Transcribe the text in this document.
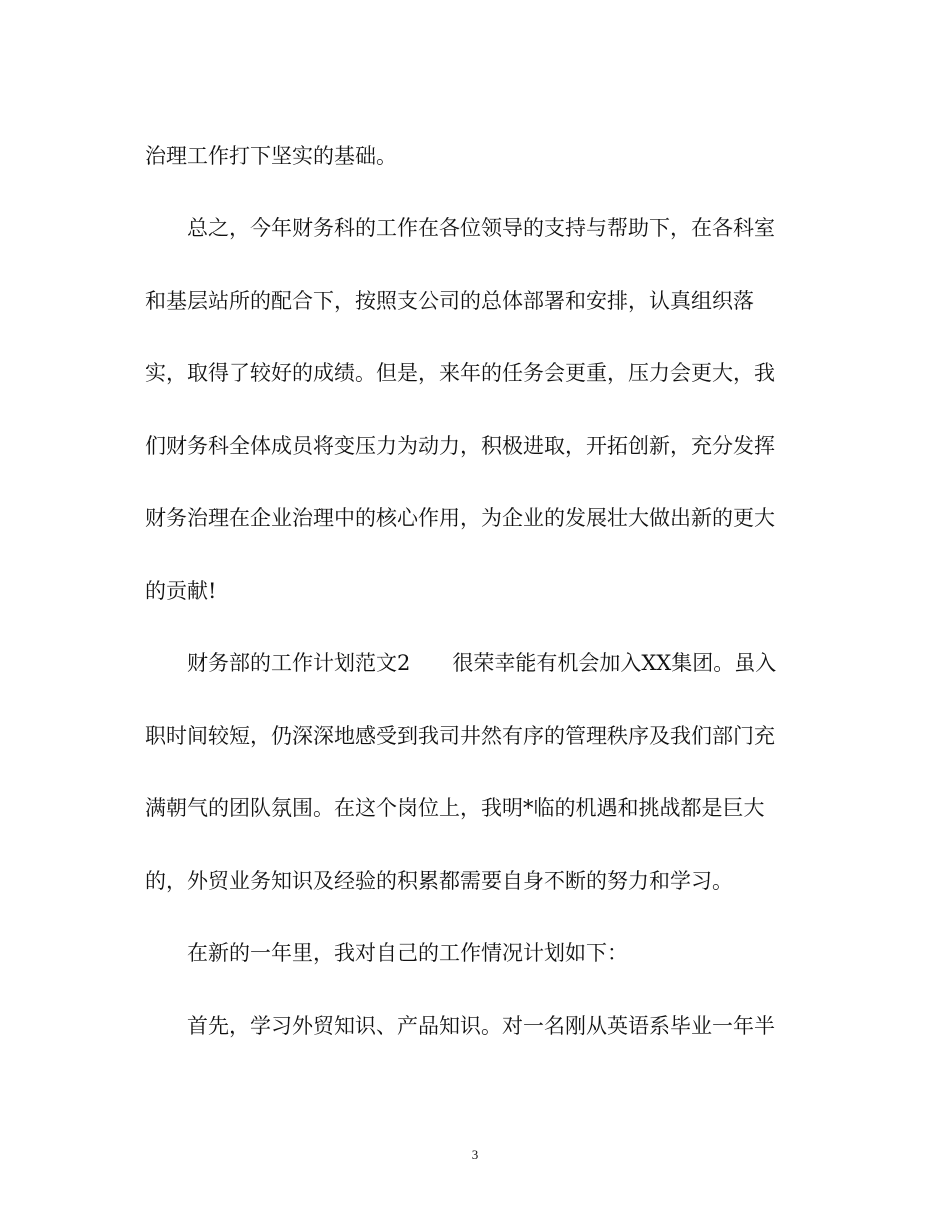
治理工作打下坚实的基础。

总之，今年财务科的工作在各位领导的支持与帮助下，在各科室

和基层站所的配合下，按照支公司的总体部署和安排，认真组织落

实，取得了较好的成绩。但是，来年的任务会更重，压力会更大，我

们财务科全体成员将变压力为动力，积极进取，开拓创新，充分发挥

财务治理在企业治理中的核心作用，为企业的发展壮大做出新的更大

的贡献!

财务部的工作计划范文2　　很荣幸能有机会加入XX集团。虽入

职时间较短，仍深深地感受到我司井然有序的管理秩序及我们部门充

满朝气的团队氛围。在这个岗位上，我明*临的机遇和挑战都是巨大

的，外贸业务知识及经验的积累都需要自身不断的努力和学习。

在新的一年里，我对自己的工作情况计划如下：

首先，学习外贸知识、产品知识。对一名刚从英语系毕业一年半

3
